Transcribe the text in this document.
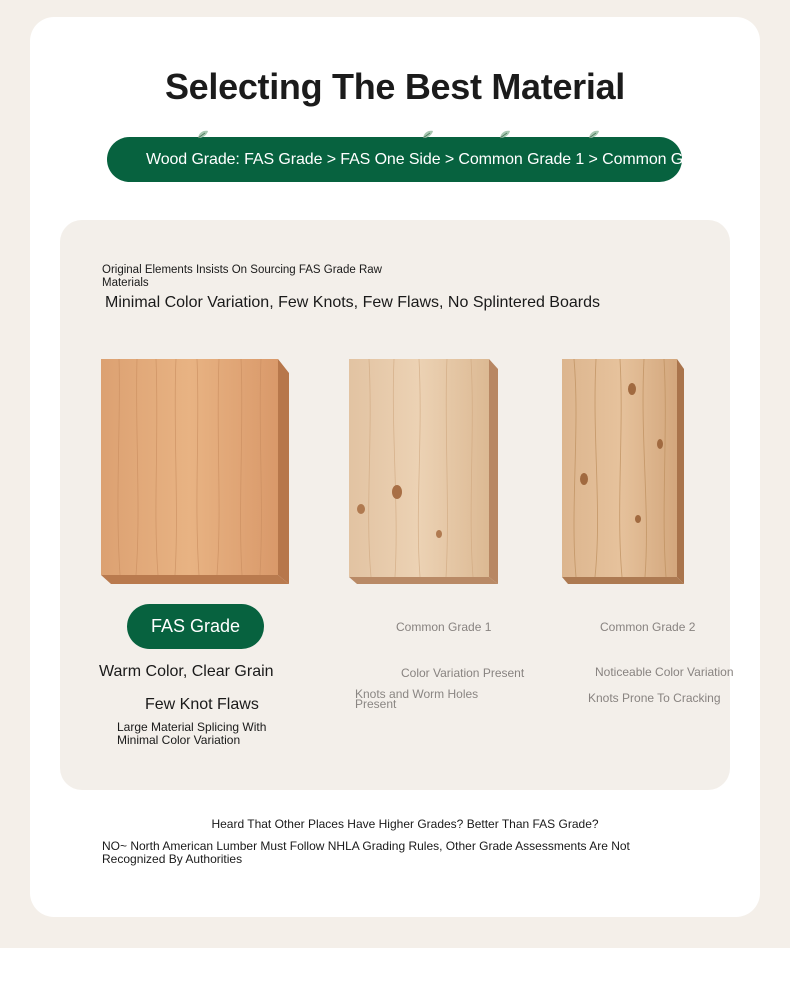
Selecting The Best Material
Wood Grade: FAS Grade > FAS One Side > Common Grade 1 > Common Grade 2
Original Elements Insists On Sourcing FAS Grade Raw Materials
Minimal Color Variation, Few Knots, Few Flaws, No Splintered Boards
FAS Grade
Warm Color, Clear Grain
Few Knot Flaws
Large Material Splicing With Minimal Color Variation
Common Grade 1
Color Variation Present
Knots and Worm Holes Present
Common Grade 2
Noticeable Color Variation
Knots Prone To Cracking
Heard That Other Places Have Higher Grades? Better Than FAS Grade?
NO~ North American Lumber Must Follow NHLA Grading Rules, Other Grade Assessments Are Not Recognized By Authorities
